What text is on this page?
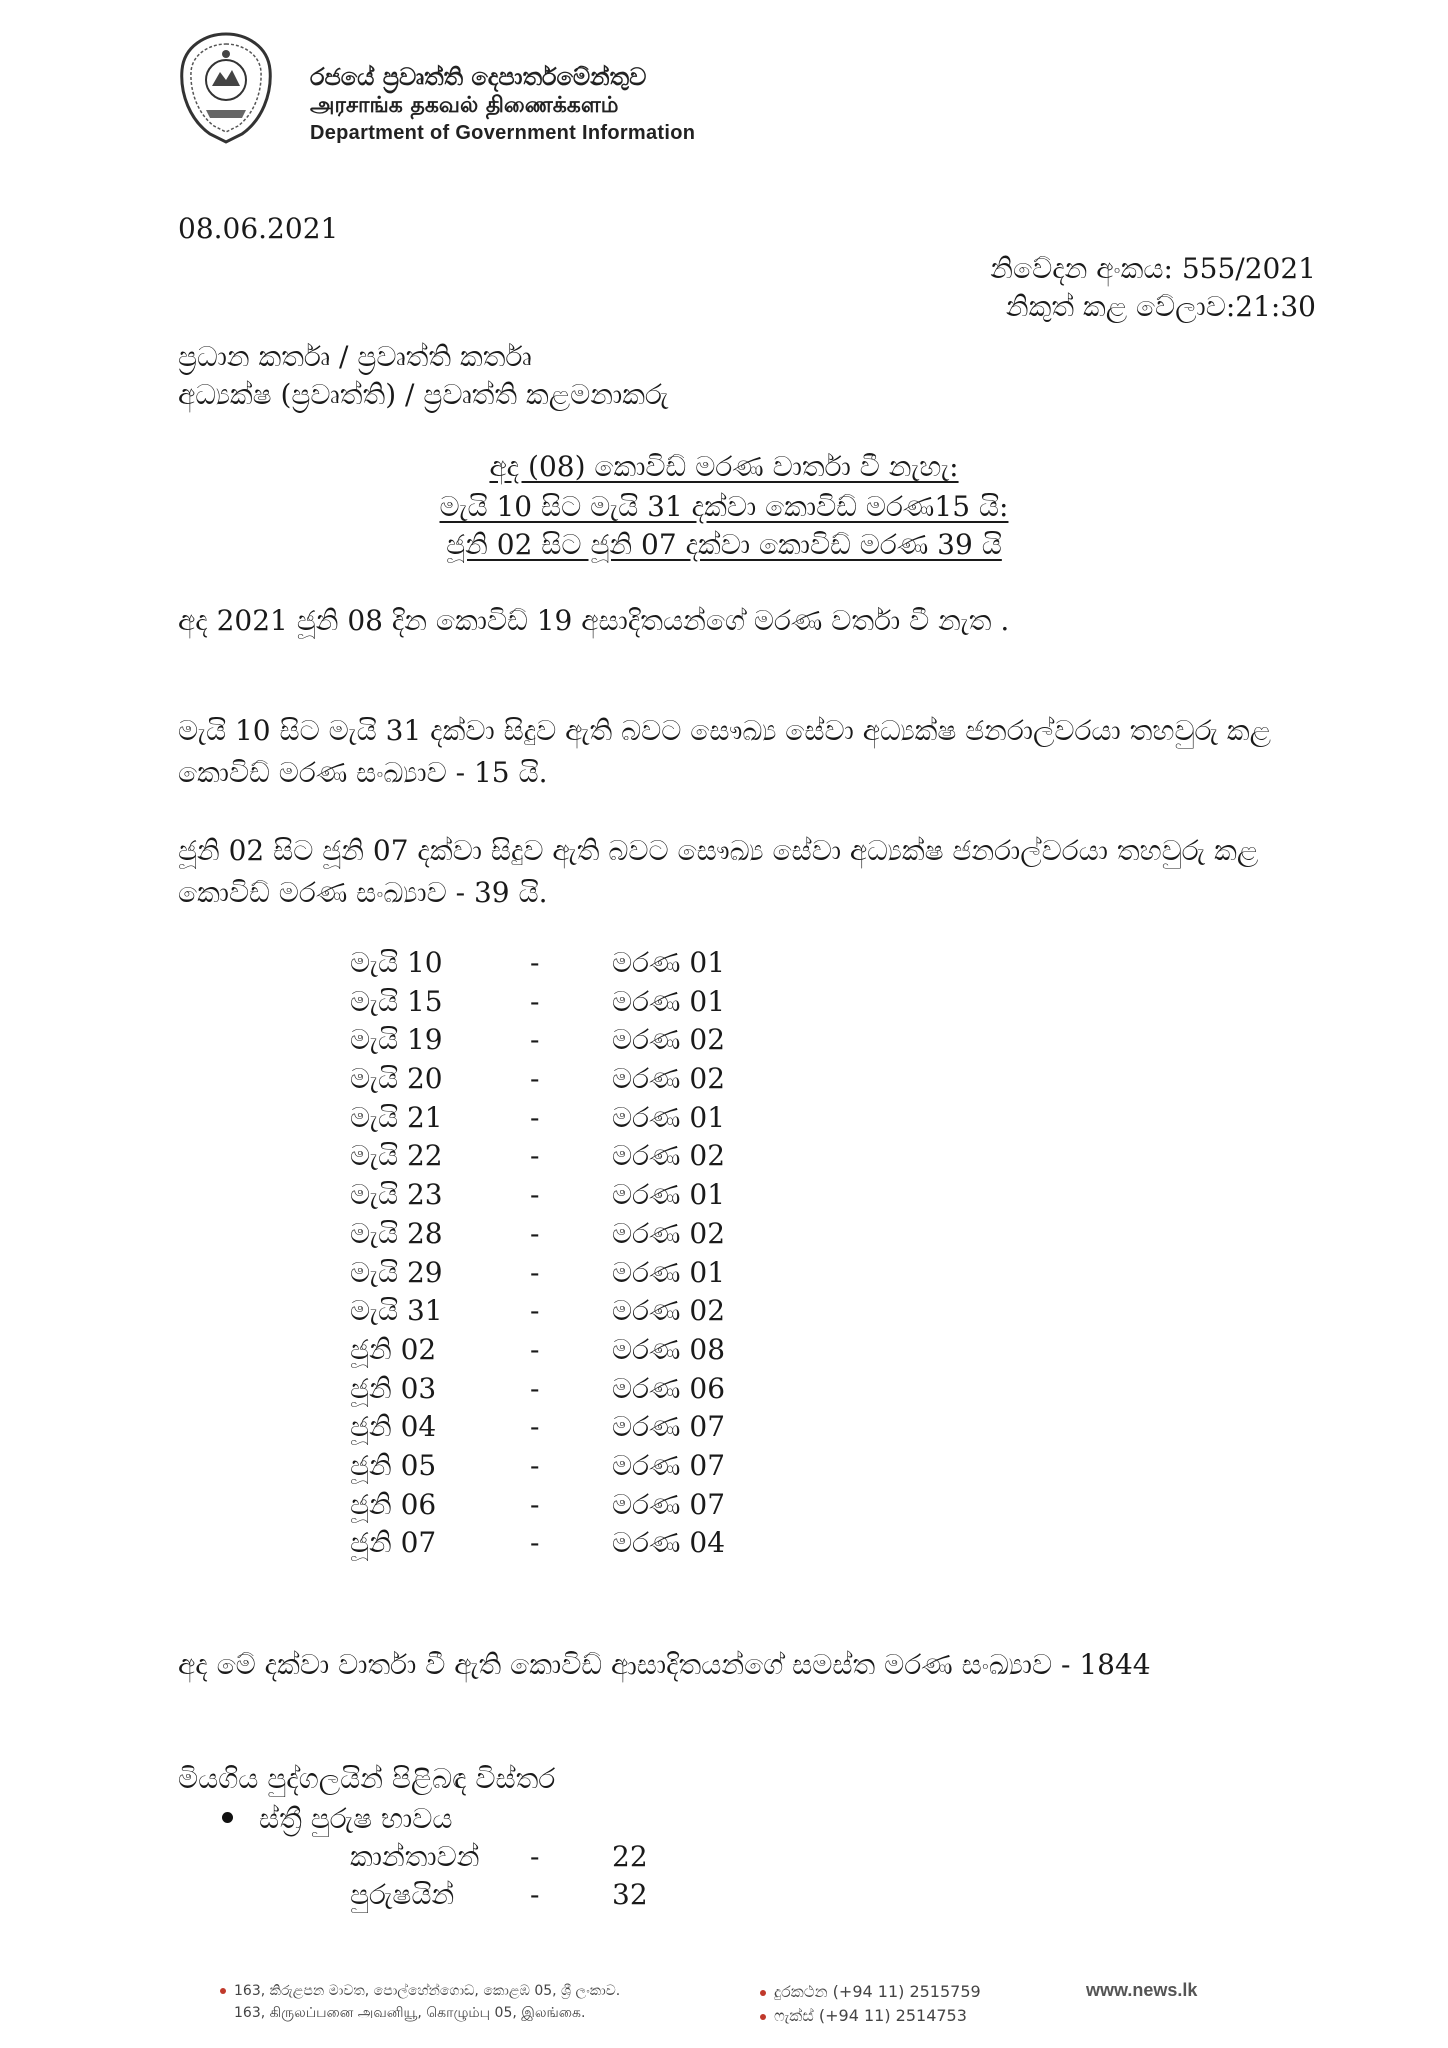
රජයේ ප්‍රවෘත්ති දෙපාර්තමේන්තුව
அரசாங்க தகவல் திணைக்களம்
Department of Government Information
08.06.2021
නිවේදන අංකය: 555/2021
නිකුත් කළ වේලාව:21:30
ප්‍රධාන කර්තෘ / ප්‍රවෘත්ති කර්තෘ
අධ්‍යක්ෂ (ප්‍රවෘත්ති) / ප්‍රවෘත්ති කළමනාකරු
අද (08) කොවිඩ් මරණ වාර්තා වී නැහැ:
මැයි 10 සිට මැයි 31 දක්වා කොවිඩ් මරණ15 යි:
ජූනි 02 සිට ජූනි 07 දක්වා කොවිඩ් මරණ 39 යි
අද 2021 ජූනි 08 දින කොවිඩ් 19 අසාදිතයන්ගේ මරණ වර්තා වී නැත .
මැයි 10 සිට මැයි 31 දක්වා සිදුව ඇති බවට සෞඛ්‍ය සේවා අධ්‍යක්ෂ ජනරාල්වරයා තහවුරු කළ කොවිඩ් මරණ සංඛ්‍යාව - 15 යි.
ජූනි 02 සිට ජූනි 07 දක්වා සිදුව ඇති බවට සෞඛ්‍ය සේවා අධ්‍යක්ෂ ජනරාල්වරයා තහවුරු කළ කොවිඩ් මරණ සංඛ්‍යාව - 39 යි.
මැයි 10	-	මරණ 01
මැයි 15	-	මරණ 01
මැයි 19	-	මරණ 02
මැයි 20	-	මරණ 02
මැයි 21	-	මරණ 01
මැයි 22	-	මරණ 02
මැයි 23	-	මරණ 01
මැයි 28	-	මරණ 02
මැයි 29	-	මරණ 01
මැයි 31	-	මරණ 02
ජූනි 02	-	මරණ 08
ජූනි 03	-	මරණ 06
ජූනි 04	-	මරණ 07
ජූනි 05	-	මරණ 07
ජූනි 06	-	මරණ 07
ජූනි 07	-	මරණ 04
අද මේ දක්වා වාර්තා වී ඇති කොවිඩ් ආසාදිතයන්ගේ සමස්ත මරණ සංඛ්‍යාව - 1844
මියගිය පුද්ගලයින් පිළිබඳ විස්තර
ස්ත්‍රී පුරුෂ භාවය
කාන්තාවන් -	22
පුරුෂයින්	-	32
163, කිරුළපන මාවත, පොල්හේන්ගොඩ, කොළඹ 05, ශ්‍රී ලංකාව.
163, கிருலப்பனை அவனியூ, கொழும்பு 05, இலங்கை.
දුරකථන (+94 11) 2515759
ෆැක්ස් (+94 11) 2514753
www.news.lk
